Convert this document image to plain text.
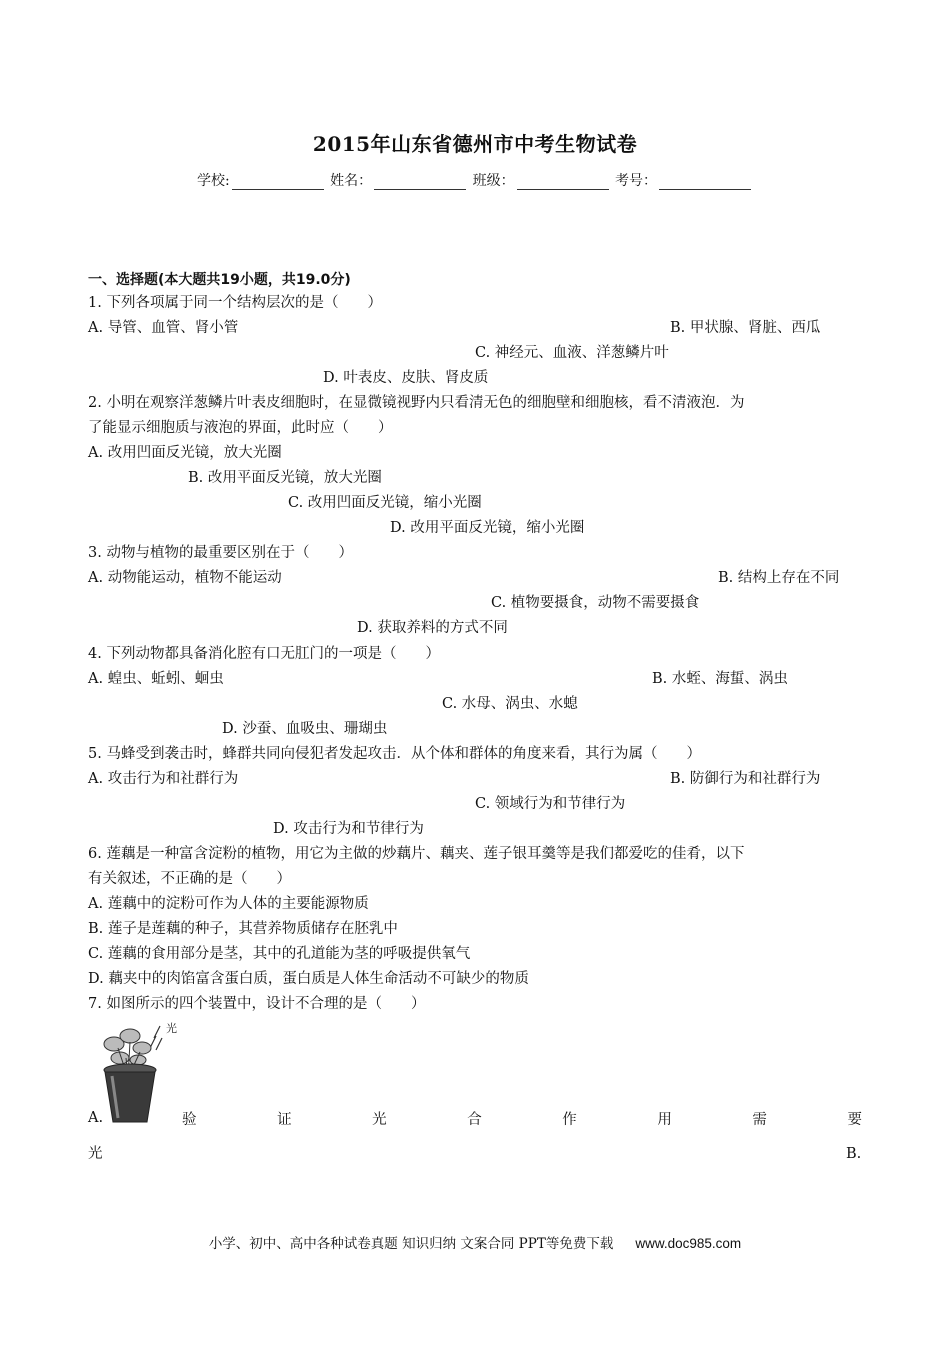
2015年山东省德州市中考生物试卷
学校:	姓名：	班级：	考号：
一、选择题(本大题共19小题，共19.0分)
1. 下列各项属于同一个结构层次的是（　　）
A. 导管、血管、肾小管	B. 甲状腺、肾脏、西瓜
C. 神经元、血液、洋葱鳞片叶
D. 叶表皮、皮肤、肾皮质
2. 小明在观察洋葱鳞片叶表皮细胞时，在显微镜视野内只看清无色的细胞壁和细胞核，看不清液泡．为
了能显示细胞质与液泡的界面，此时应（　　）
A. 改用凹面反光镜，放大光圈
B. 改用平面反光镜，放大光圈
C. 改用凹面反光镜，缩小光圈
D. 改用平面反光镜，缩小光圈
3. 动物与植物的最重要区别在于（　　）
A. 动物能运动，植物不能运动	B. 结构上存在不同
C. 植物要摄食，动物不需要摄食
D. 获取养料的方式不同
4. 下列动物都具备消化腔有口无肛门的一项是（　　）
A. 蝗虫、蚯蚓、蛔虫	B. 水蛭、海蜇、涡虫
C. 水母、涡虫、水螅
D. 沙蚕、血吸虫、珊瑚虫
5. 马蜂受到袭击时，蜂群共同向侵犯者发起攻击．从个体和群体的角度来看，其行为属（　　）
A. 攻击行为和社群行为	B. 防御行为和社群行为
C. 领域行为和节律行为
D. 攻击行为和节律行为
6. 莲藕是一种富含淀粉的植物，用它为主做的炒藕片、藕夹、莲子银耳羹等是我们都爱吃的佳肴，以下
有关叙述，不正确的是（　　）
A. 莲藕中的淀粉可作为人体的主要能源物质
B. 莲子是莲藕的种子，其营养物质储存在胚乳中
C. 莲藕的食用部分是茎，其中的孔道能为茎的呼吸提供氧气
D. 藕夹中的肉馅富含蛋白质，蛋白质是人体生命活动不可缺少的物质
7. 如图所示的四个装置中，设计不合理的是（　　）
光
A.	验	证	光	合	作	用	需	要
光	B.
小学、初中、高中各种试卷真题 知识归纳 文案合同 PPT等免费下载 www.doc985.com
